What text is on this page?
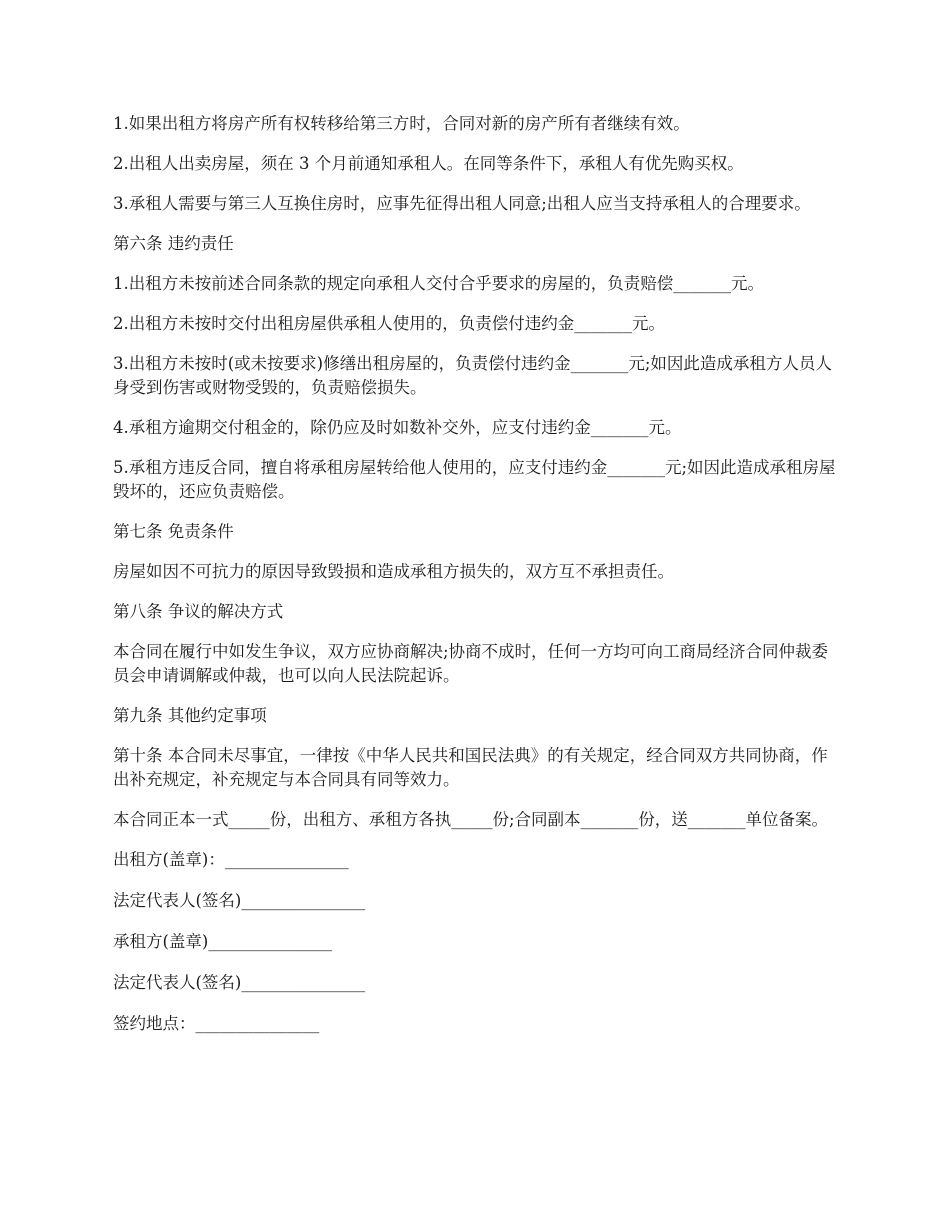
1.如果出租方将房产所有权转移给第三方时，合同对新的房产所有者继续有效。

2.出租人出卖房屋，须在 3 个月前通知承租人。在同等条件下，承租人有优先购买权。

3.承租人需要与第三人互换住房时，应事先征得出租人同意;出租人应当支持承租人的合理要求。

第六条 违约责任

1.出租方未按前述合同条款的规定向承租人交付合乎要求的房屋的，负责赔偿_______元。

2.出租方未按时交付出租房屋供承租人使用的，负责偿付违约金_______元。

3.出租方未按时(或未按要求)修缮出租房屋的，负责偿付违约金_______元;如因此造成承租方人员人身受到伤害或财物受毁的，负责赔偿损失。

4.承租方逾期交付租金的，除仍应及时如数补交外，应支付违约金_______元。

5.承租方违反合同，擅自将承租房屋转给他人使用的，应支付违约金_______元;如因此造成承租房屋毁坏的，还应负责赔偿。

第七条 免责条件

房屋如因不可抗力的原因导致毁损和造成承租方损失的，双方互不承担责任。

第八条 争议的解决方式

本合同在履行中如发生争议，双方应协商解决;协商不成时，任何一方均可向工商局经济合同仲裁委员会申请调解或仲裁，也可以向人民法院起诉。

第九条 其他约定事项

第十条 本合同未尽事宜，一律按《中华人民共和国民法典》的有关规定，经合同双方共同协商，作出补充规定，补充规定与本合同具有同等效力。

本合同正本一式_____份，出租方、承租方各执_____份;合同副本_______份，送_______单位备案。

出租方(盖章)：_______________

法定代表人(签名)_______________

承租方(盖章)_______________

法定代表人(签名)_______________

签约地点：_______________
